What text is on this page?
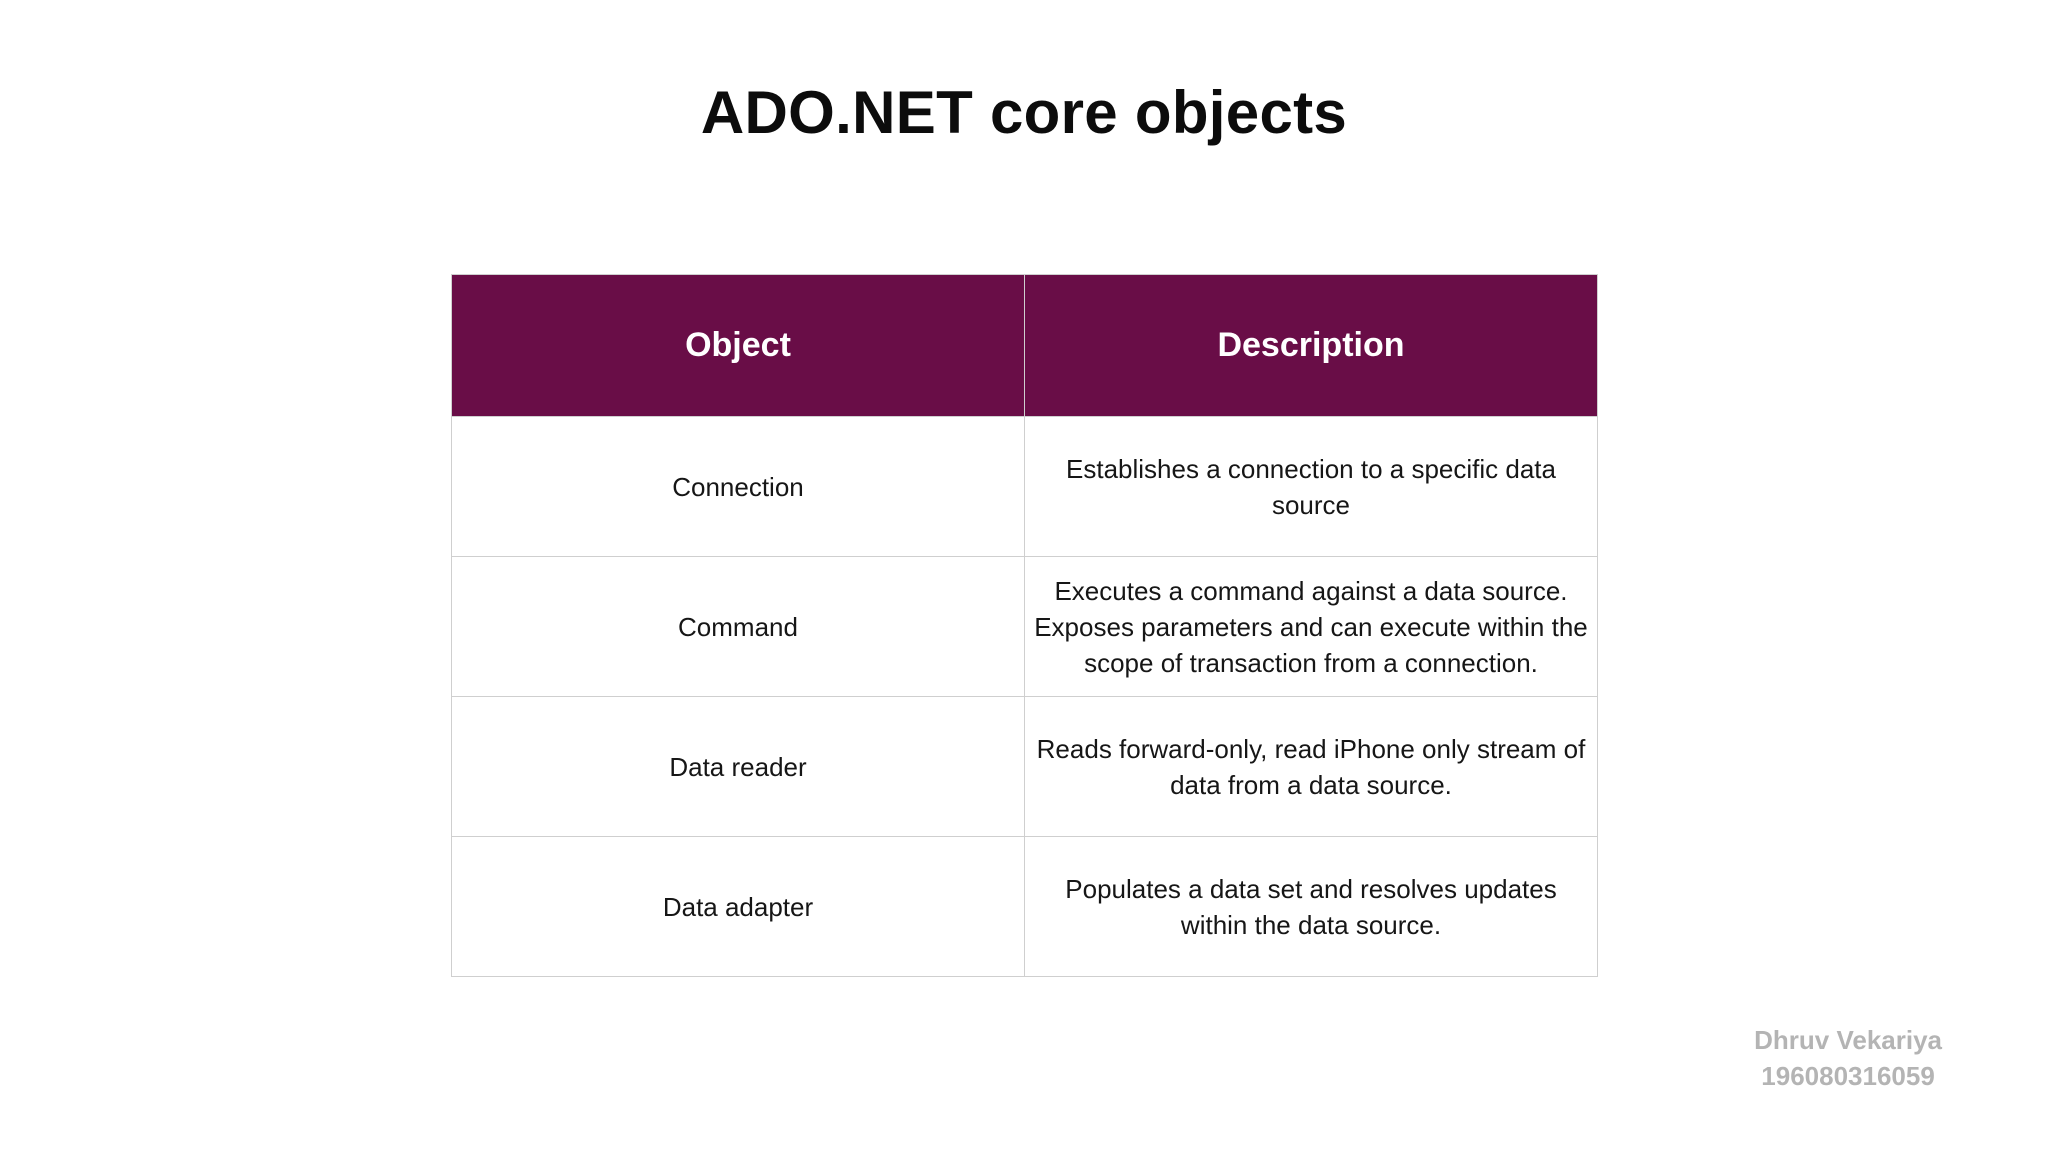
ADO.NET core objects
Object	Description
Connection	Establishes a connection to a specific data source
Command	Executes a command against a data source. Exposes parameters and can execute within the scope of transaction from a connection.
Data reader	Reads forward-only, read iPhone only stream of data from a data source.
Data adapter	Populates a data set and resolves updates within the data source.
Dhruv Vekariya
196080316059
